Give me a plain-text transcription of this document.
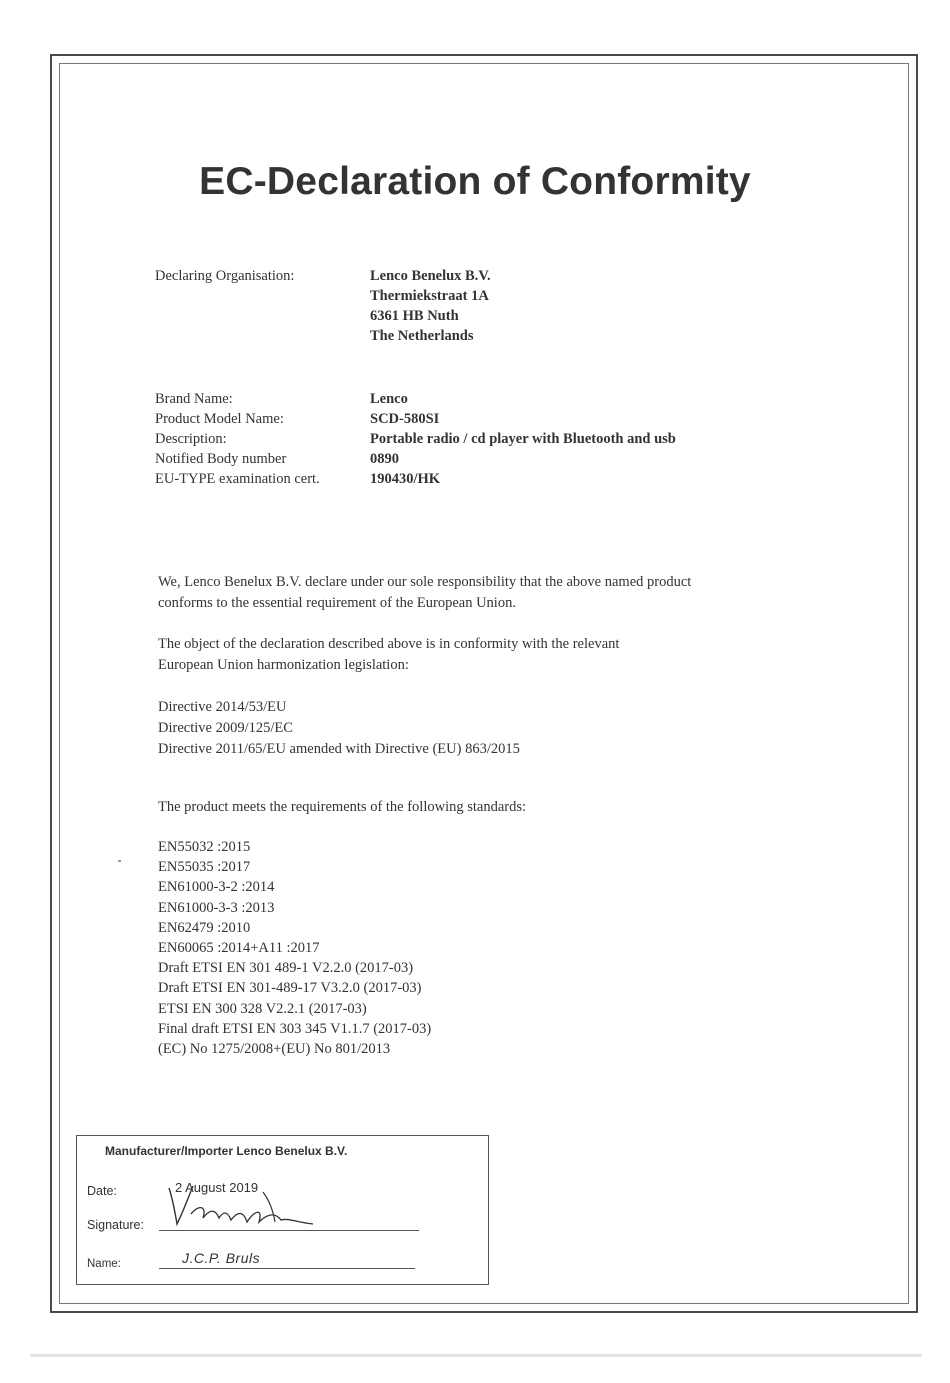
EC-Declaration of Conformity
Declaring Organisation:	Lenco Benelux B.V.
Thermiekstraat 1A
6361 HB Nuth
The Netherlands
Brand Name:	Lenco
Product Model Name:	SCD-580SI
Description:	Portable radio / cd player with Bluetooth and usb
Notified Body number	0890
EU-TYPE examination cert.	190430/HK
We, Lenco Benelux B.V. declare under our sole responsibility that the above named product
conforms to the essential requirement of the European Union.
The object of the declaration described above is in conformity with the relevant
European Union harmonization legislation:
Directive 2014/53/EU
Directive 2009/125/EC
Directive 2011/65/EU amended with Directive (EU) 863/2015
The product meets the requirements of the following standards:
EN55032 :2015
EN55035 :2017
EN61000-3-2 :2014
EN61000-3-3 :2013
EN62479 :2010
EN60065 :2014+A11 :2017
Draft ETSI EN 301 489-1 V2.2.0 (2017-03)
Draft ETSI EN 301-489-17 V3.2.0 (2017-03)
ETSI EN 300 328 V2.2.1 (2017-03)
Final draft ETSI EN 303 345 V1.1.7 (2017-03)
(EC) No 1275/2008+(EU) No 801/2013
Manufacturer/Importer Lenco Benelux B.V.
Date:	2 August 2019
Signature:
Name:	J.C.P. Bruls
